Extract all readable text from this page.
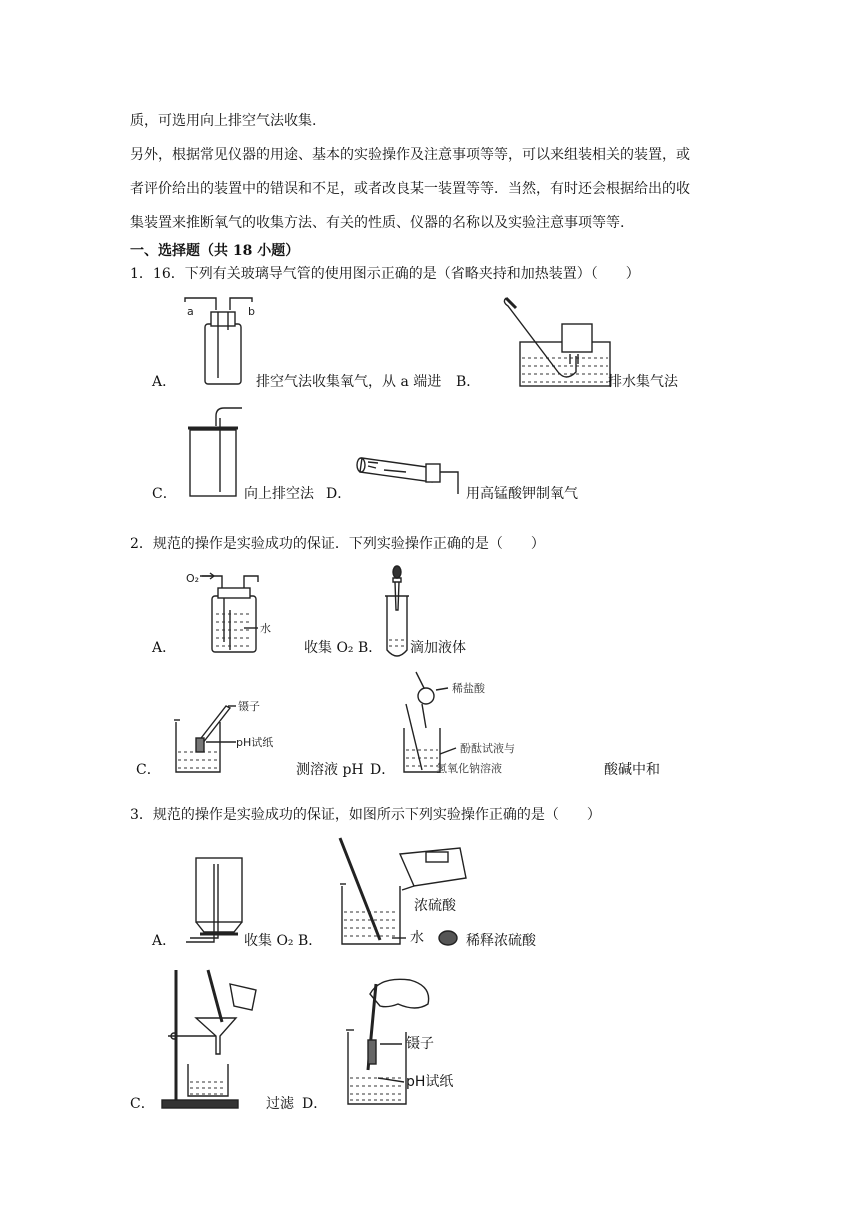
质，可选用向上排空气法收集.
另外，根据常见仪器的用途、基本的实验操作及注意事项等等，可以来组装相关的装置，或
者评价给出的装置中的错误和不足，或者改良某一装置等等．当然，有时还会根据给出的收
集装置来推断氧气的收集方法、有关的性质、仪器的名称以及实验注意事项等等.
一、选择题（共 18 小题）
1．16．下列有关玻璃导气管的使用图示正确的是（省略夹持和加热装置）（　　）
a	b
A．	排空气法收集氧气，从 a 端进 B．	排水集气法
C．	向上排空法 D．	用高锰酸钾制氧气
2．规范的操作是实验成功的保证．下列实验操作正确的是（　　）
O₂
水
A．	收集 O₂ B． 滴加液体
镊子
pH试纸
C．	测溶液 pH D．
稀盐酸
酚酞试液与
氢氧化钠溶液	酸碱中和
3．规范的操作是实验成功的保证，如图所示下列实验操作正确的是（　　）
A．	收集 O₂ B．
浓硫酸
水	稀释浓硫酸
C．	过滤 D．
镊子
pH试纸
